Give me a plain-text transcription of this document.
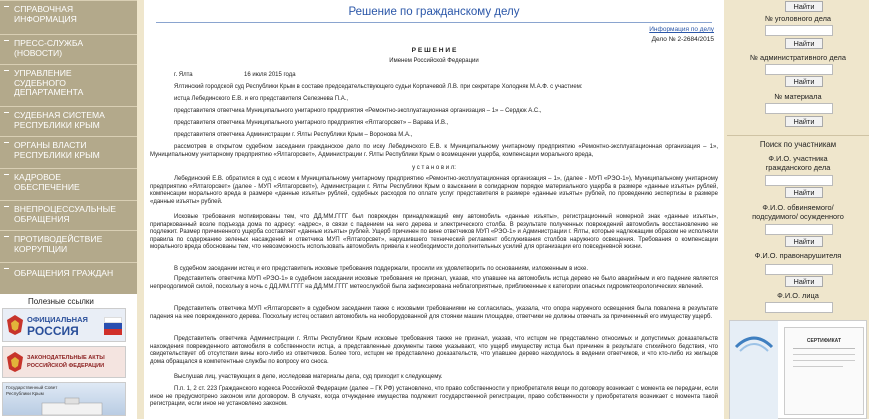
СПРАВОЧНАЯ
ИНФОРМАЦИЯ
ПРЕСС-СЛУЖБА
(НОВОСТИ)
УПРАВЛЕНИЕ
СУДЕБНОГО
ДЕПАРТАМЕНТА
СУДЕБНАЯ СИСТЕМА
РЕСПУБЛИКИ КРЫМ
ОРГАНЫ ВЛАСТИ
РЕСПУБЛИКИ КРЫМ
КАДРОВОЕ
ОБЕСПЕЧЕНИЕ
ВНЕПРОЦЕССУАЛЬНЫЕ
ОБРАЩЕНИЯ
ПРОТИВОДЕЙСТВИЕ
КОРРУПЦИИ
ОБРАЩЕНИЯ ГРАЖДАН
Полезные ссылки
ОФИЦИАЛЬНАЯ
РОССИЯ
ЗАКОНОДАТЕЛЬНЫЕ АКТЫ
РОССИЙСКОЙ ФЕДЕРАЦИИ
Государственный Совет
Республики Крым
Решение по гражданскому делу
Информация по делу
Дело № 2-2684/2015
Р Е Ш Е Н И Е
Именем Российской Федерации
г. Ялта	16 июля 2015 года
Ялтинский городской суд Республики Крым в составе председательствующего судьи Корпачевой Л.В. при секретаре Холодняк М.А.Ф. с участием:
истца Лебединского Е.В. и его представителя Селезнева П.А.,
представителя ответчика Муниципального унитарного предприятия «Ремонтно-эксплуатационная организация – 1» – Сердюк А.С.,
представителя ответчика Муниципального унитарного предприятия «Ялтагорсвет» – Варава И.В.,
представителя ответчика Администрации г. Ялты Республики Крым – Воронова М.А.,
рассмотрев в открытом судебном заседании гражданское дело по иску Лебединского Е.В. к Муниципальному унитарному предприятию «Ремонтно-эксплуатационная организация – 1», Муниципальному унитарному предприятию «Ялтагорсвет», Администрации г. Ялты Республики Крым о возмещении ущерба, компенсации морального вреда,
у с т а н о в и л:
Лебединский Е.В. обратился в суд с иском к Муниципальному унитарному предприятию «Ремонтно-эксплуатационная организация – 1», (далее - МУП «РЭО-1»), Муниципальному унитарному предприятию «Ялтагорсвет» (далее - МУП «Ялтагорсвет»), Администрации г. Ялты Республики Крым о взыскании в солидарном порядке материального ущерба в размере «данные изъяты» рублей, компенсации морального вреда в размере «данные изъяты» рублей, судебных расходов по оплате услуг представителя в размере «данные изъяты» рублей, по проведению экспертизы в размере «данные изъяты» рублей.
Исковые требования мотивированы тем, что ДД.ММ.ГГГГ был поврежден принадлежащий ему автомобиль «данные изъяты», регистрационный номерной знак «данные изъяты», припаркованный возле подъезда дома по адресу: «адрес», в связи с падением на него дерева и электрического столба. В результате полученных повреждений автомобиль восстановлению не подлежит. Размер причиненного ущерба составляет «данные изъяты» рублей. Ущерб причинен по вине ответчиков МУП «РЭО-1» и Администрации г. Ялты, которые надлежащим образом не исполняли правила по содержанию зеленых насаждений и ответчика МУП «Ялтагорсвет», нарушившего технический регламент обслуживания столбов наружного освещения. Требования о компенсации морального вреда обоснованы тем, что невозможность использовать автомобиль привела к необходимости дополнительных усилий для организации его повседневной жизни.
В судебном заседании истец и его представитель исковые требования поддержали, просили их удовлетворить по основаниям, изложенным в иске.
Представитель ответчика МУП «РЭО-1» в судебном заседании исковые требования не признал, указав, что упавшее на автомобиль истца дерево не было аварийным и его падение является непреодолимой силой, поскольку в ночь с ДД.ММ.ГГГГ на ДД.ММ.ГГГГ метеослужбой была зафиксирована неблагоприятные, приближенные к категории опасных гидрометеорологических явлений.
Представитель ответчика МУП «Ялтагорсвет» в судебном заседании также с исковыми требованиями не согласилась, указала, что опора наружного освещения была повалена в результате падения на нее поврежденного дерева. Поскольку истец оставил автомобиль на необорудованной для стоянки машин площадке, ответчики не должны отвечать за причиненный его имуществу ущерб.
Представитель ответчика Администрации г. Ялты Республики Крым исковые требования также не признал, указав, что истцом не представлено относимых и допустимых доказательств нахождения поврежденного автомобиля в собственности истца, а представленные документы также указывают, что ущерб имуществу истца был причинен в результате стихийного бедствия, что свидетельствует об отсутствии вины кого-либо из ответчиков. Более того, истцом не представлено доказательств, что упавшее дерево находилось в ведении ответчиков, и что кто-либо из жильцов дома обращался в компетентные службы по вопросу его сноса.
Выслушав лиц, участвующих в деле, исследовав материалы дела, суд приходит к следующему.
П.п. 1, 2 ст. 223 Гражданского кодекса Российской Федерации (далее – ГК РФ) установлено, что право собственности у приобретателя вещи по договору возникает с момента ее передачи, если иное не предусмотрено законом или договором. В случаях, когда отчуждение имущества подлежит государственной регистрации, право собственности у приобретателя возникает с момента такой регистрации, если иное не установлено законом.
Найти
№ уголовного дела
Найти
№ административного дела
Найти
№ материала
Найти
Поиск по участникам
Ф.И.О. участника
гражданского дела
Найти
Ф.И.О. обвиняемого/
подсудимого/ осужденного
Найти
Ф.И.О. правонарушителя
Найти
Ф.И.О. лица
СЕРТИФИКАТ
